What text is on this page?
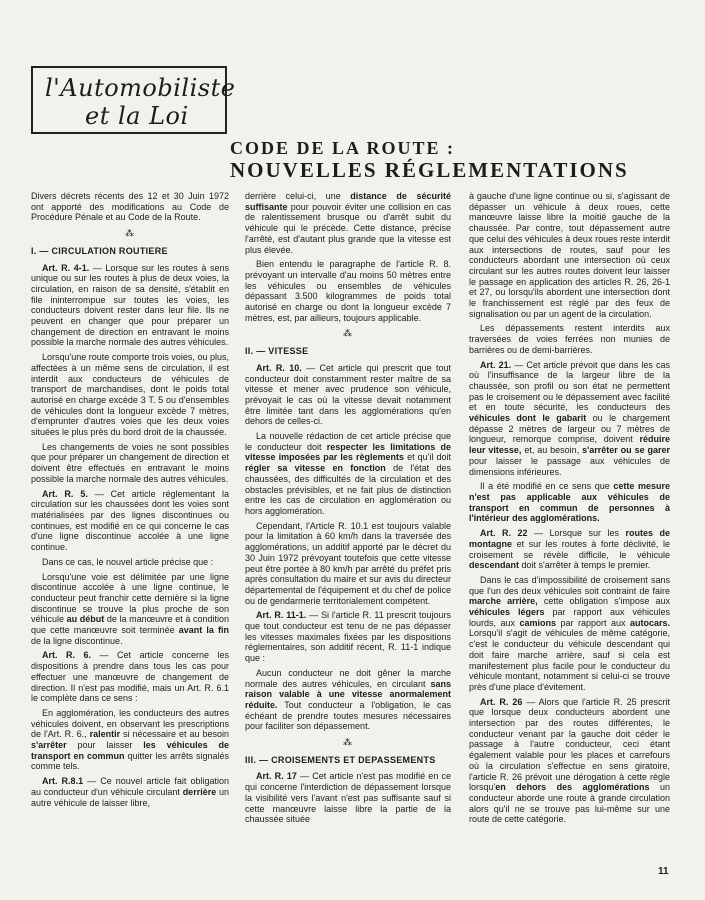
l'Automobiliste
et la Loi
CODE DE LA ROUTE :
NOUVELLES RÉGLEMENTATIONS

Divers décrets récents des 12 et 30 Juin 1972 ont apporté des modifications au Code de Procédure Pénale et au Code de la Route.

⁂
I. — CIRCULATION ROUTIERE

Art. R. 4-1. — Lorsque sur les routes à sens unique ou sur les routes à plus de deux voies, la circulation, en raison de sa densité, s'établit en file ininterrompue sur toutes les voies, les conducteurs doivent rester dans leur file. Ils ne peuvent en changer que pour préparer un changement de direction en entravant le moins possible la marche normale des autres véhicules.

Lorsqu'une route comporte trois voies, ou plus, affectées à un même sens de circulation, il est interdit aux conducteurs de véhicules de transport de marchandises, dont le poids total autorisé en charge excède 3 T. 5 ou d'ensembles de véhicules dont la longueur excède 7 mètres, d'emprunter d'autres voies que les deux voies situées le plus près du bord droit de la chaussée.

Les changements de voies ne sont possibles que pour préparer un changement de direction et doivent être effectués en entravant le moins possible la marche normale des autres véhicules.

Art. R. 5. — Cet article réglementant la circulation sur les chaussées dont les voies sont matérialisées par des lignes discontinues ou continues, est modifié en ce qui concerne le cas d'une ligne discontinue accolée à une ligne continue.

Dans ce cas, le nouvel article précise que :

Lorsqu'une voie est délimitée par une ligne discontinue accolée à une ligne continue, le conducteur peut franchir cette dernière si la ligne discontinue se trouve la plus proche de son véhicule au début de la manœuvre et à condition que cette manœuvre soit terminée avant la fin de la ligne discontinue.

Art. R. 6. — Cet article concerne les dispositions à prendre dans tous les cas pour effectuer une manœuvre de changement de direction. Il n'est pas modifié, mais un Art. R. 6.1 le complète dans ce sens :

En agglomération, les conducteurs des autres véhicules doivent, en observant les prescriptions de l'Art. R. 6., ralentir si nécessaire et au besoin s'arrêter pour laisser les véhicules de transport en commun quitter les arrêts signalés comme tels.

Art. R.8.1 — Ce nouvel article fait obligation au conducteur d'un véhicule circulant derrière un autre véhicule de laisser libre,

derrière celui-ci, une distance de sécurité suffisante pour pouvoir éviter une collision en cas de ralentissement brusque ou d'arrêt subit du véhicule qui le précède. Cette distance, précise l'arrêté, est d'autant plus grande que la vitesse est plus élevée.

Bien entendu le paragraphe de l'article R. 8. prévoyant un intervalle d'au moins 50 mètres entre les véhicules ou ensembles de véhicules dépassant 3.500 kilogrammes de poids total autorisé en charge ou dont la longueur excède 7 mètres, est, par ailleurs, toujours applicable.

⁂
II. — VITESSE

Art. R. 10. — Cet article qui prescrit que tout conducteur doit constamment rester maître de sa vitesse et mener avec prudence son véhicule, prévoyait le cas où la vitesse devait notamment être limitée tant dans les agglomérations qu'en dehors de celles-ci.

La nouvelle rédaction de cet article précise que le conducteur doit respecter les limitations de vitesse imposées par les règlements et qu'il doit régler sa vitesse en fonction de l'état des chaussées, des difficultés de la circulation et des obstacles prévisibles, et ne fait plus de distinction entre les cas de circulation en agglomération ou hors agglomération.

Cependant, l'Article R. 10.1 est toujours valable pour la limitation à 60 km/h dans la traversée des agglomérations, un additif apporté par le décret du 30 Juin 1972 prévoyant toutefois que cette vitesse peut être portée à 80 km/h par arrêté du préfet pris après consultation du maire et sur avis du directeur départemental de l'équipement et du chef de police ou de gendarmerie territorialement compétent.

Art. R. 11-1. — Si l'article R. 11 prescrit toujours que tout conducteur est tenu de ne pas dépasser les vitesses maximales fixées par les dispositions réglementaires, son additif récent, R. 11-1 indique que :

Aucun conducteur ne doit gêner la marche normale des autres véhicules, en circulant sans raison valable à une vitesse anormalement réduite. Tout conducteur a l'obligation, le cas échéant de prendre toutes mesures nécessaires pour faciliter son dépassement.

⁂
III. — CROISEMENTS ET DEPASSEMENTS

Art. R. 17 — Cet article n'est pas modifié en ce qui concerne l'interdiction de dépassement lorsque la visibilité vers l'avant n'est pas suffisante sauf si cette manœuvre laisse libre la partie de la chaussée située

à gauche d'une ligne continue ou si, s'agissant de dépasser un véhicule à deux roues, cette manœuvre laisse libre la moitié gauche de la chaussée. Par contre, tout dépassement autre que celui des véhicules à deux roues reste interdit aux intersections de routes, sauf pour les conducteurs abordant une intersection où ceux circulant sur les autres routes doivent leur laisser le passage en application des articles R. 26, 26-1 et 27, ou lorsqu'ils abordent une intersection dont le franchissement est réglé par des feux de signalisation ou par un agent de la circulation.

Les dépassements restent interdits aux traversées de voies ferrées non munies de barrières ou de demi-barrières.

Art. 21. — Cet article prévoit que dans les cas où l'insuffisance de la largeur libre de la chaussée, son profil ou son état ne permettent pas le croisement ou le dépassement avec facilité et en toute sécurité, les conducteurs des véhicules dont le gabarit ou le chargement dépasse 2 mètres de largeur ou 7 mètres de longueur, remorque comprise, doivent réduire leur vitesse, et, au besoin, s'arrêter ou se garer pour laisser le passage aux véhicules de dimensions inférieures.

Il a été modifié en ce sens que cette mesure n'est pas applicable aux véhicules de transport en commun de personnes à l'intérieur des agglomérations.

Art. R. 22 — Lorsque sur les routes de montagne et sur les routes à forte déclivité, le croisement se révèle difficile, le véhicule descendant doit s'arrêter à temps le premier.

Dans le cas d'impossibilité de croisement sans que l'un des deux véhicules soit contraint de faire marche arrière, cette obligation s'impose aux véhicules légers par rapport aux véhicules lourds, aux camions par rapport aux autocars. Lorsqu'il s'agit de véhicules de même catégorie, c'est le conducteur du véhicule descendant qui doit faire marche arrière, sauf si cela est manifestement plus facile pour le conducteur du véhicule montant, notamment si celui-ci se trouve près d'une place d'évitement.

Art. R. 26 — Alors que l'article R. 25 prescrit que lorsque deux conducteurs abordent une intersection par des routes différentes, le conducteur venant par la gauche doit céder le passage à l'autre conducteur, ceci étant également valable pour les places et carrefours où la circulation s'effectue en sens giratoire, l'article R. 26 prévoit une dérogation à cette règle lorsqu'en dehors des agglomérations un conducteur aborde une route à grande circulation alors qu'il ne se trouve pas lui-même sur une route de cette catégorie.

11
